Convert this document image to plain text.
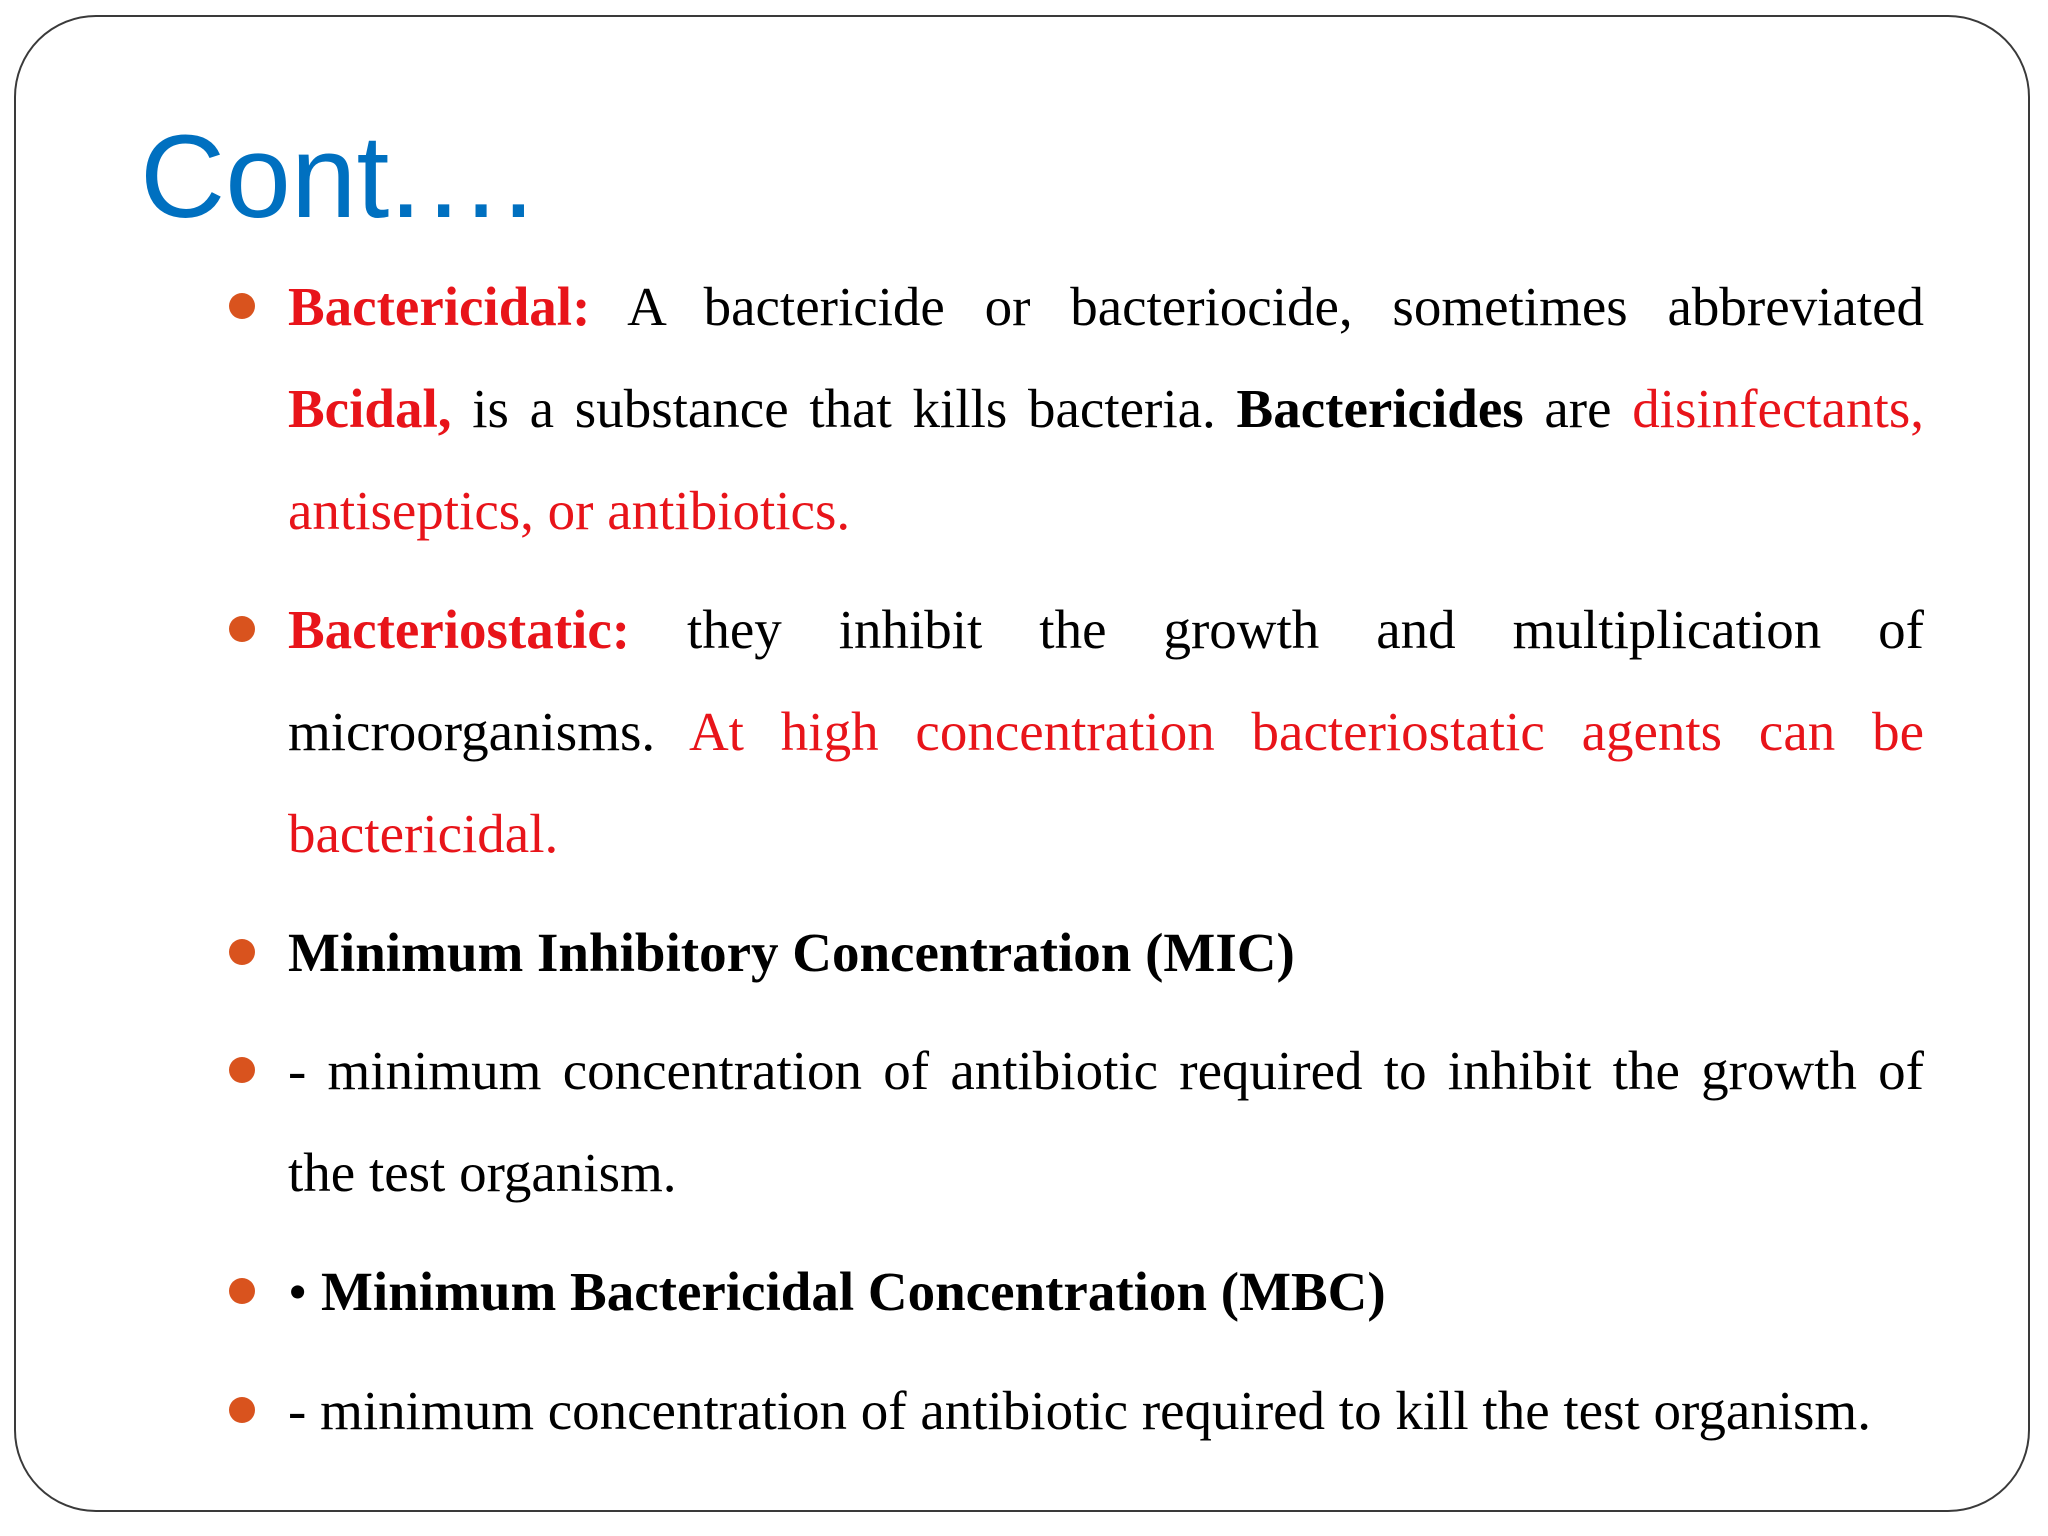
Cont.…
Bactericidal: A bactericide or bacteriocide, sometimes abbreviated Bcidal, is a substance that kills bacteria. Bactericides are disinfectants, antiseptics, or antibiotics.
Bacteriostatic: they inhibit the growth and multiplication of microorganisms. At high concentration bacteriostatic agents can be bactericidal.
Minimum Inhibitory Concentration (MIC)
- minimum concentration of antibiotic required to inhibit the growth of the test organism.
• Minimum Bactericidal Concentration (MBC)
- minimum concentration of antibiotic required to kill the test organism.
